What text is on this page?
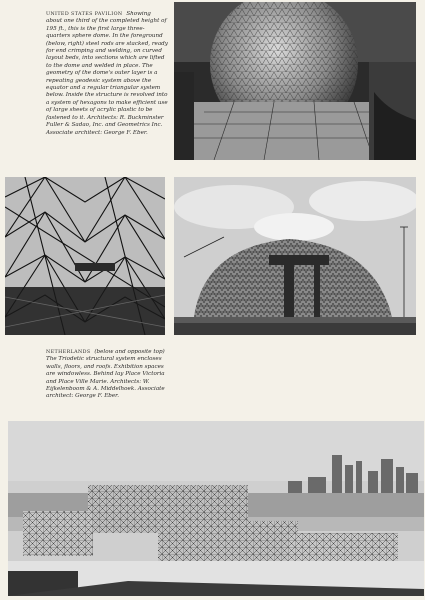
UNITED STATES PAVILION Showing about one third of the completed height of 195 ft., this is the first large three-quarters sphere dome. In the foreground (below, right) steel rods are stacked, ready for end crimping and welding, on curved layout beds, into sections which are lifted to the dome and welded in place. The geometry of the dome's outer layer is a repeating geodesic system above the equator and a regular triangular system below. Inside the structure is revolved into a system of hexagons to make efficient use of large sheets of acrylic plastic to be fastened to it. Architects: R. Buckminster Fuller & Sadao, Inc. and Geometrics Inc. Associate architect: George F. Eber.
NETHERLANDS (below and opposite top) The Triodetic structural system encloses walls, floors, and roofs. Exhibition spaces are windowless. Behind lay Place Victoria and Place Ville Marie. Architects: W. Eijkelenboom & A. Middelhoek. Associate architect: George F. Eber.
